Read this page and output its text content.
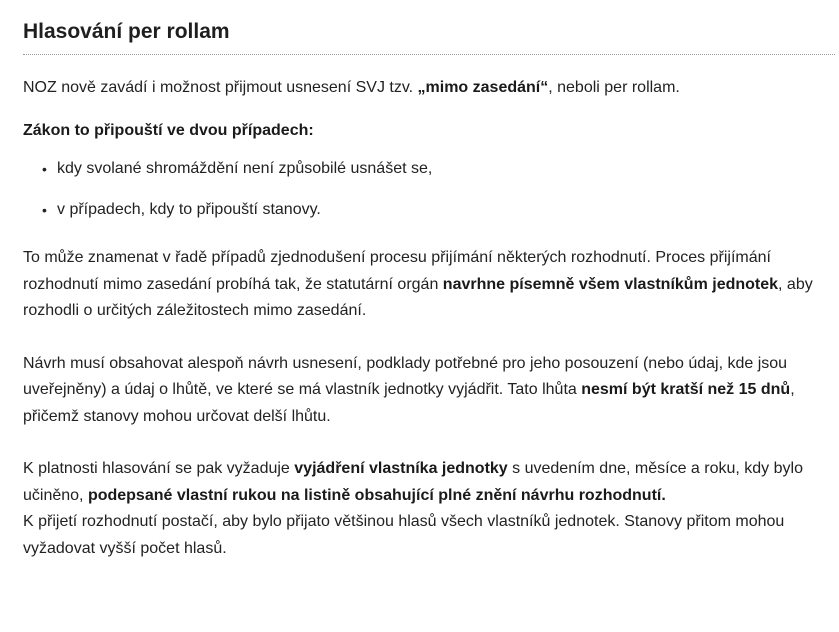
Hlasování per rollam

NOZ nově zavádí i možnost přijmout usnesení SVJ tzv. „mimo zasedání“, neboli per rollam.

Zákon to připouští ve dvou případech:

• kdy svolané shromáždění není způsobilé usnášet se,
• v případech, kdy to připouští stanovy.

To může znamenat v řadě případů zjednodušení procesu přijímání některých rozhodnutí. Proces přijímání rozhodnutí mimo zasedání probíhá tak, že statutární orgán navrhne písemně všem vlastníkům jednotek, aby rozhodli o určitých záležitostech mimo zasedání.

Návrh musí obsahovat alespoň návrh usnesení, podklady potřebné pro jeho posouzení (nebo údaj, kde jsou uveřejněny) a údaj o lhůtě, ve které se má vlastník jednotky vyjádřit. Tato lhůta nesmí být kratší než 15 dnů, přičemž stanovy mohou určovat delší lhůtu.

K platnosti hlasování se pak vyžaduje vyjádření vlastníka jednotky s uvedením dne, měsíce a roku, kdy bylo učiněno, podepsané vlastní rukou na listině obsahující plné znění návrhu rozhodnutí.
K přijetí rozhodnutí postačí, aby bylo přijato většinou hlasů všech vlastníků jednotek. Stanovy přitom mohou vyžadovat vyšší počet hlasů.
